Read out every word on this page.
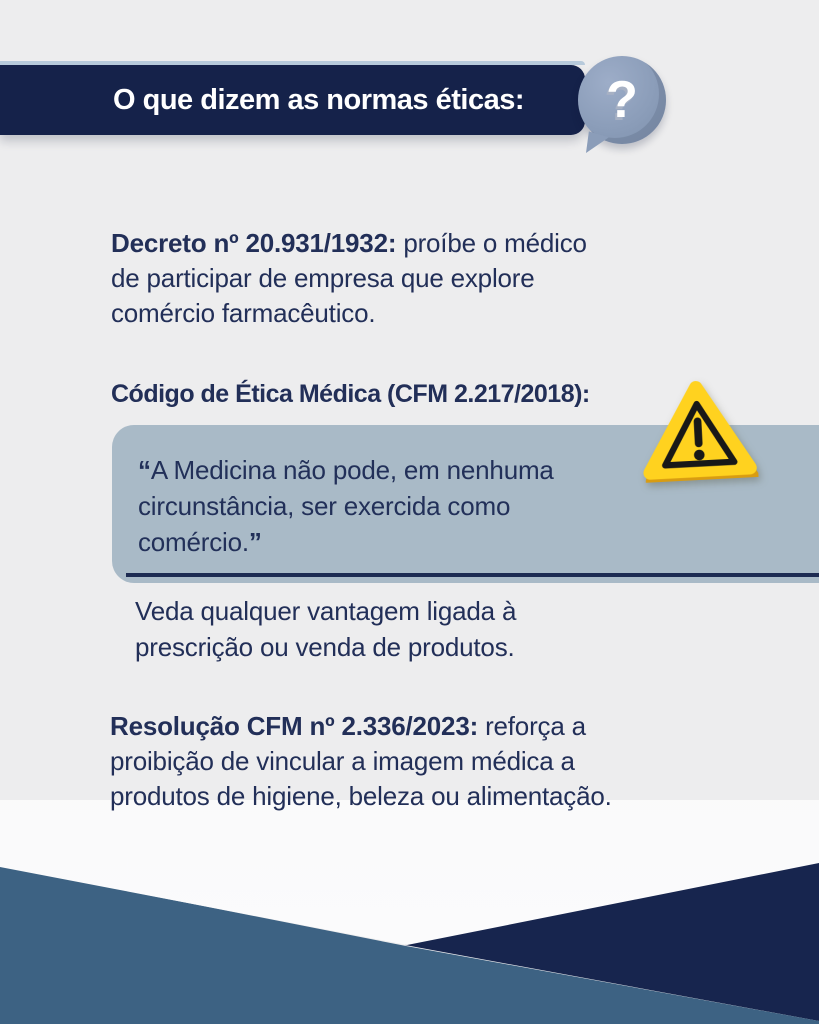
O que dizem as normas éticas: ?
Decreto nº 20.931/1932: proíbe o médico
de participar de empresa que explore
comércio farmacêutico.
Código de Ética Médica (CFM 2.217/2018):
“A Medicina não pode, em nenhuma
circunstância, ser exercida como
comércio.”
Veda qualquer vantagem ligada à
prescrição ou venda de produtos.
Resolução CFM nº 2.336/2023: reforça a
proibição de vincular a imagem médica a
produtos de higiene, beleza ou alimentação.
